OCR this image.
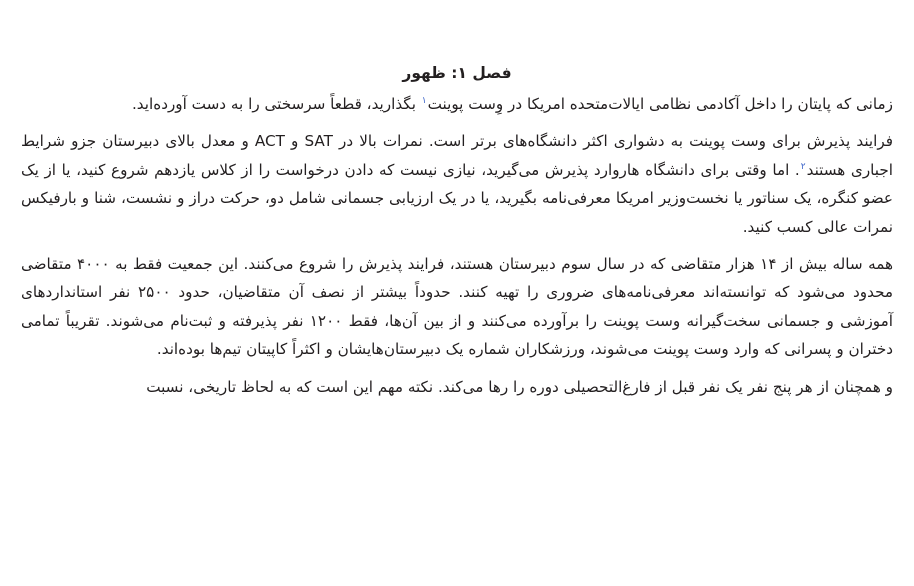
فصل ۱: ظهور

زمانی که پایتان را داخل آکادمی نظامی ایالات‌متحده امریکا در وِست پوینت$^۱$ بگذارید، قطعاً سرسختی را به دست آورده‌اید.

فرایند پذیرش برای وست پوینت به دشواری اکثر دانشگاه‌های برتر است. نمرات بالا در SAT و ACT و معدل بالای دبیرستان جزو شرایط اجباری هستند$^۲$. اما وقتی برای دانشگاه هاروارد پذیرش می‌گیرید، نیازی نیست که دادن درخواست را از کلاس یازدهم شروع کنید، یا از یک عضو کنگره، یک سناتور یا نخست‌وزیر امریکا معرفی‌نامه بگیرید، یا در یک ارزیابی جسمانی شامل دو، حرکت دراز و نشست، شنا و بارفیکس نمرات عالی کسب کنید.

همه ساله بیش از ۱۴ هزار متقاضی که در سال سوم دبیرستان هستند، فرایند پذیرش را شروع می‌کنند. این جمعیت فقط به ۴۰۰۰ متقاضی محدود می‌شود که توانسته‌اند معرفی‌نامه‌های ضروری را تهیه کنند. حدوداً بیشتر از نصف آن متقاضیان، حدود ۲۵۰۰ نفر استانداردهای آموزشی و جسمانی سخت‌گیرانه وست پوینت را برآورده می‌کنند و از بین آن‌ها، فقط ۱۲۰۰ نفر پذیرفته و ثبت‌نام می‌شوند. تقریباً تمامی دختران و پسرانی که وارد وست پوینت می‌شوند، ورزشکاران شماره یک دبیرستان‌هایشان و اکثراً کاپیتان تیم‌ها بوده‌اند.

و همچنان از هر پنج نفر یک نفر قبل از فارغ‌التحصیلی دوره را رها می‌کند. نکته مهم این است که به لحاظ تاریخی، نسبت
